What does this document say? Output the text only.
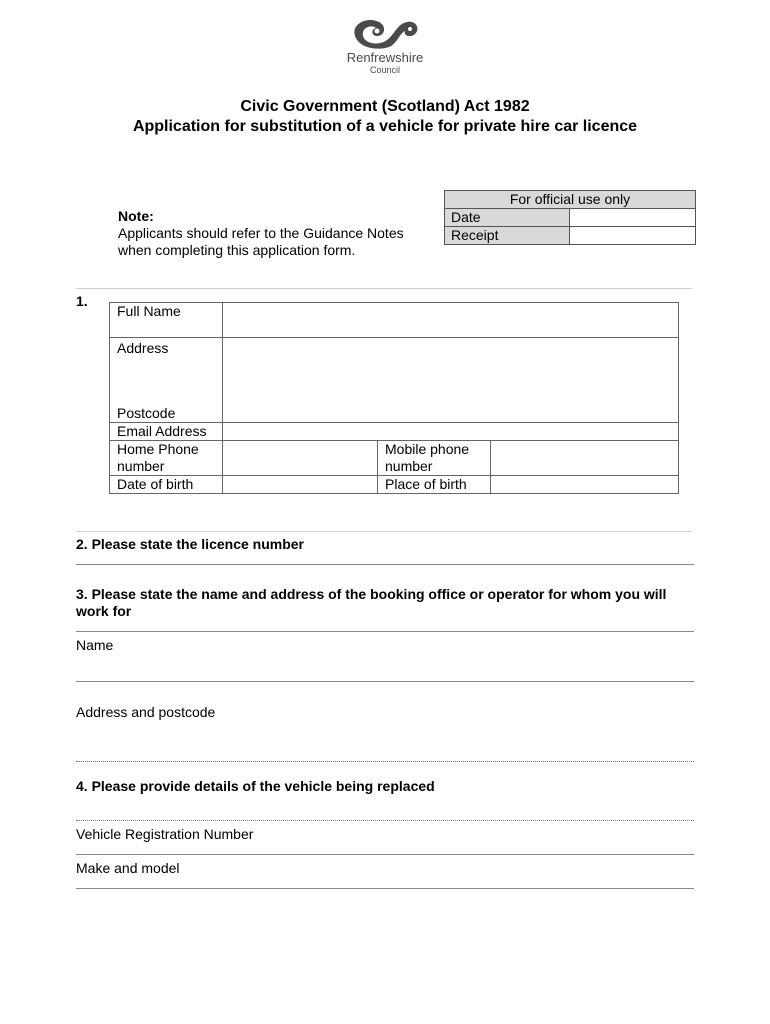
Renfrewshire
Council
Civic Government (Scotland) Act 1982
Application for substitution of a vehicle for private hire car licence
For official use only	
Date	
Receipt	
Note:
Applicants should refer to the Guidance Notes when completing this application form.
1.
Full Name			
Address			
Postcode			
Email Address			
Home Phone number		Mobile phone number	
Date of birth		Place of birth	
2. Please state the licence number
3. Please state the name and address of the booking office or operator for whom you will work for
Name
Address and postcode
4. Please provide details of the vehicle being replaced
Vehicle Registration Number
Make and model
